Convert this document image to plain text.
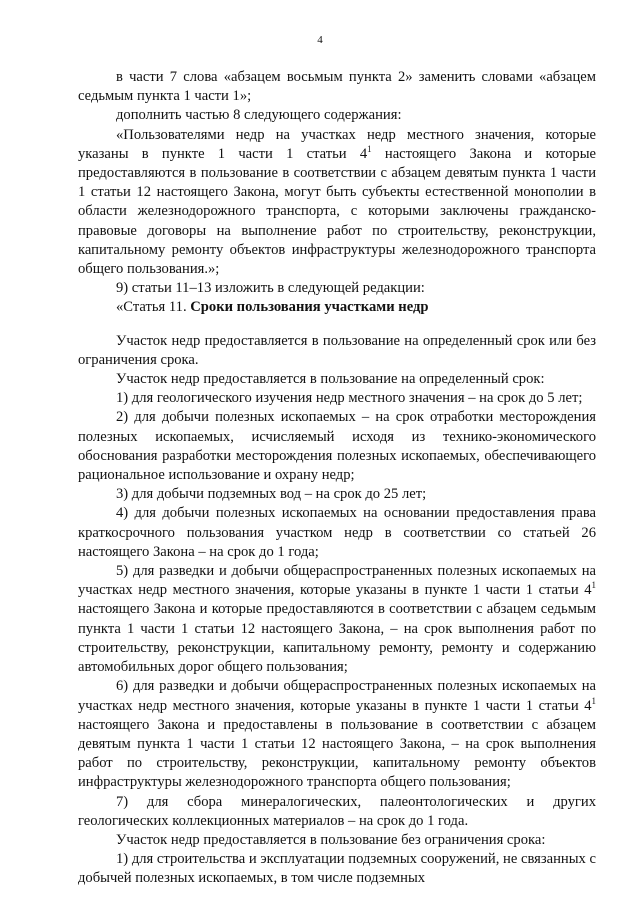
4

в части 7 слова «абзацем восьмым пункта 2» заменить словами «абзацем седьмым пункта 1 части 1»;

дополнить частью 8 следующего содержания:

«Пользователями недр на участках недр местного значения, которые указаны в пункте 1 части 1 статьи $4^1$ настоящего Закона и которые предоставляются в пользование в соответствии с абзацем девятым пункта 1 части 1 статьи 12 настоящего Закона, могут быть субъекты естественной монополии в области железнодорожного транспорта, с которыми заключены гражданско-правовые договоры на выполнение работ по строительству, реконструкции, капитальному ремонту объектов инфраструктуры железнодорожного транспорта общего пользования.»;

9) статьи 11–13 изложить в следующей редакции:

«Статья 11. Сроки пользования участками недр

Участок недр предоставляется в пользование на определенный срок или без ограничения срока.

Участок недр предоставляется в пользование на определенный срок:

1) для геологического изучения недр местного значения – на срок до 5 лет;

2) для добычи полезных ископаемых – на срок отработки месторождения полезных ископаемых, исчисляемый исходя из технико-экономического обоснования разработки месторождения полезных ископаемых, обеспечивающего рациональное использование и охрану недр;

3) для добычи подземных вод – на срок до 25 лет;

4) для добычи полезных ископаемых на основании предоставления права краткосрочного пользования участком недр в соответствии со статьей 26 настоящего Закона – на срок до 1 года;

5) для разведки и добычи общераспространенных полезных ископаемых на участках недр местного значения, которые указаны в пункте 1 части 1 статьи $4^1$ настоящего Закона и которые предоставляются в соответствии с абзацем седьмым пункта 1 части 1 статьи 12 настоящего Закона, – на срок выполнения работ по строительству, реконструкции, капитальному ремонту, ремонту и содержанию автомобильных дорог общего пользования;

6) для разведки и добычи общераспространенных полезных ископаемых на участках недр местного значения, которые указаны в пункте 1 части 1 статьи $4^1$ настоящего Закона и предоставлены в пользование в соответствии с абзацем девятым пункта 1 части 1 статьи 12 настоящего Закона, – на срок выполнения работ по строительству, реконструкции, капитальному ремонту объектов инфраструктуры железнодорожного транспорта общего пользования;

7) для сбора минералогических, палеонтологических и других геологических коллекционных материалов – на срок до 1 года.

Участок недр предоставляется в пользование без ограничения срока:

1) для строительства и эксплуатации подземных сооружений, не связанных с добычей полезных ископаемых, в том числе подземных
